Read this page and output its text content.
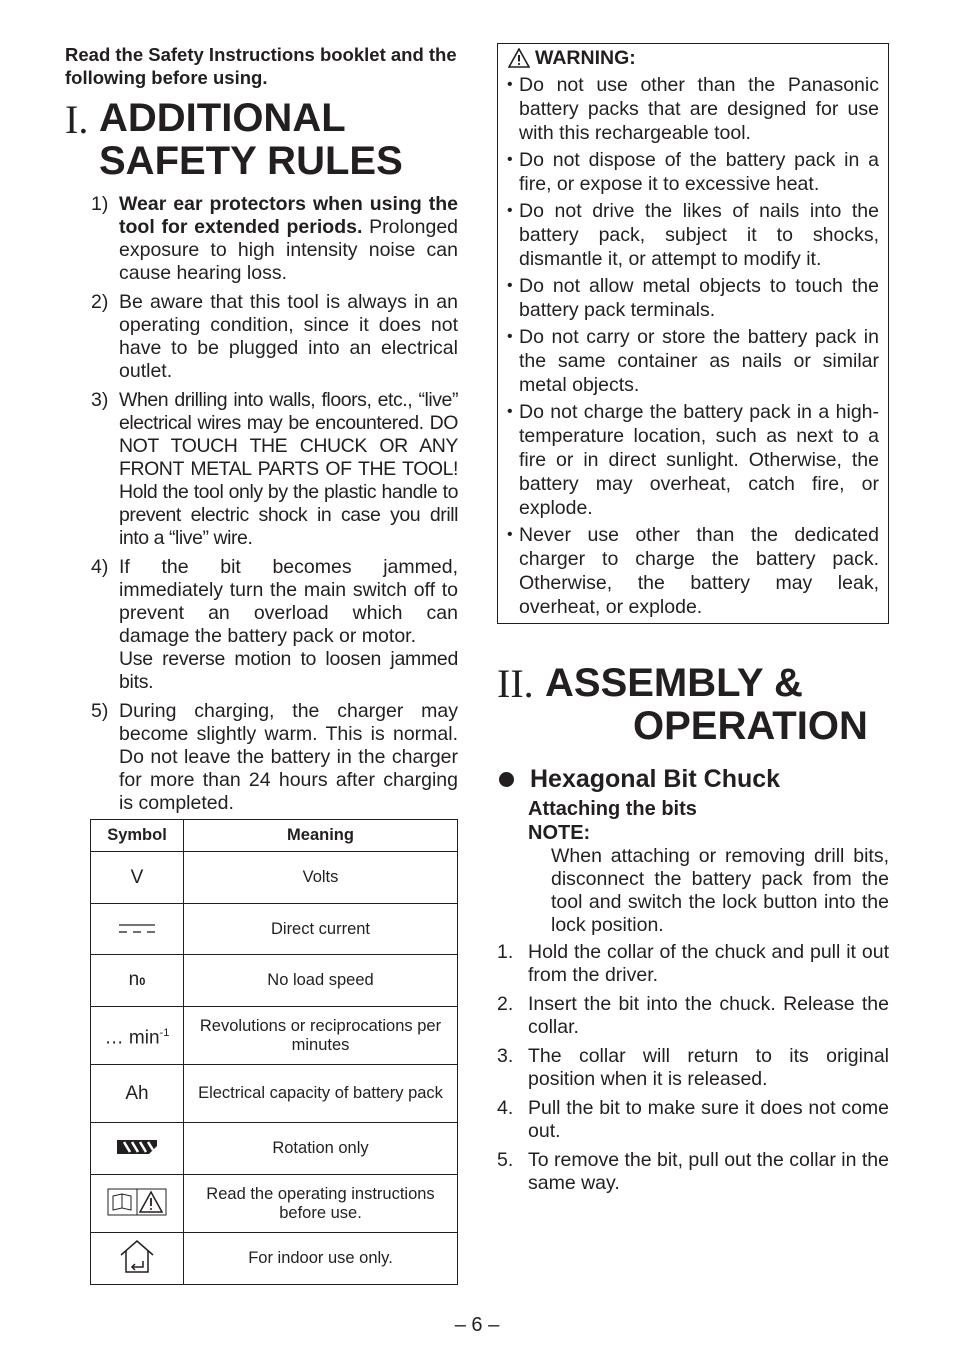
Read the Safety Instructions booklet and the following before using.

I. ADDITIONAL
SAFETY RULES
1) Wear ear protectors when using the tool for extended periods. Prolonged exposure to high intensity noise can cause hearing loss.
2) Be aware that this tool is always in an operating condition, since it does not have to be plugged into an electrical outlet.
3) When drilling into walls, floors, etc., “live” electrical wires may be encountered. DO NOT TOUCH THE CHUCK OR ANY FRONT METAL PARTS OF THE TOOL! Hold the tool only by the plastic handle to prevent electric shock in case you drill into a “live” wire.
4) If the bit becomes jammed, immediately turn the main switch off to prevent an overload which can damage the battery pack or motor.
Use reverse motion to loosen jammed bits.
5) During charging, the charger may become slightly warm. This is normal. Do not leave the battery in the charger for more than 24 hours after charging is completed.
Symbol	Meaning
V	Volts
	Direct current
n0	No load speed
… $\min^{-1}$	Revolutions or reciprocations per minutes
Ah	Electrical capacity of battery pack
	Rotation only
	Read the operating instructions before use.
	For indoor use only.
WARNING:
• Do not use other than the Panasonic battery packs that are designed for use with this rechargeable tool.
• Do not dispose of the battery pack in a fire, or expose it to excessive heat.
• Do not drive the likes of nails into the battery pack, subject it to shocks, dismantle it, or attempt to modify it.
• Do not allow metal objects to touch the battery pack terminals.
• Do not carry or store the battery pack in the same container as nails or similar metal objects.
• Do not charge the battery pack in a high-temperature location, such as next to a fire or in direct sunlight. Otherwise, the battery may overheat, catch fire, or explode.
• Never use other than the dedicated charger to charge the battery pack. Otherwise, the battery may leak, overheat, or explode.
II. ASSEMBLY &
OPERATION
Hexagonal Bit Chuck
Attaching the bits
NOTE:
When attaching or removing drill bits, disconnect the battery pack from the tool and switch the lock button into the lock position.
1. Hold the collar of the chuck and pull it out from the driver.
2. Insert the bit into the chuck. Release the collar.
3. The collar will return to its original position when it is released.
4. Pull the bit to make sure it does not come out.
5. To remove the bit, pull out the collar in the same way.
– 6 –
